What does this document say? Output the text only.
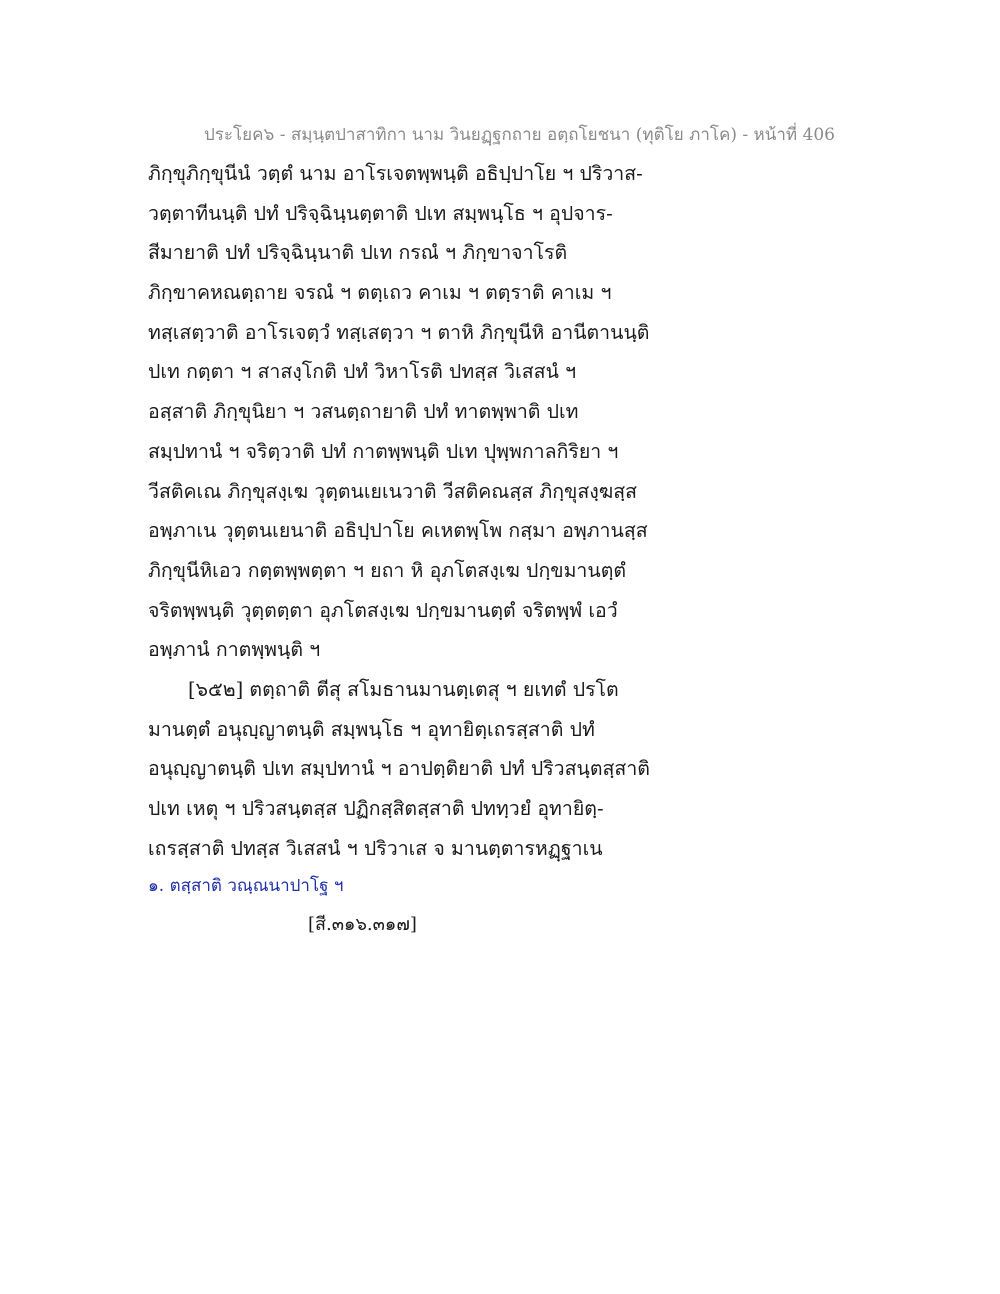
ประโยค๖ - สมฺนฺตปาสาทิกา นาม วินยฏฺฐกถาย อตฺถโยชนา (ทุติโย ภาโค) - หน้าที่ 406
ภิกฺขุภิกฺขุนีนํ วตฺตํ นาม อาโรเจตพฺพนฺติ อธิปฺปาโย ฯ ปริวาส-
วตฺตาทีนนฺติ ปทํ ปริจฺฉินฺนตฺตาติ ปเท สมฺพนฺโธ ฯ อุปจาร-
สีมายาติ ปทํ ปริจฺฉินฺนาติ ปเท กรณํ ฯ ภิกฺขาจาโรติ
ภิกฺขาคหณตฺถาย จรณํ ฯ ตตฺเถว คาเม ฯ ตตฺราติ คาเม ฯ
ทสฺเสตฺวาติ อาโรเจตฺวํ ทสฺเสตฺวา ฯ ตาหิ ภิกฺขุนีหิ อานีตานนฺติ
ปเท กตฺตา ฯ สาสงฺโกติ ปทํ วิหาโรติ ปทสฺส วิเสสนํ ฯ
อสฺสาติ ภิกฺขุนิยา ฯ วสนตฺถายาติ ปทํ ทาตพฺพาติ ปเท
สมฺปทานํ ฯ จริตฺวาติ ปทํ กาตพฺพนฺติ ปเท ปุพฺพกาลกิริยา ฯ
วีสติคเณ ภิกฺขุสงฺเฆ วุตฺตนเยเนวาติ วีสติคณสฺส ภิกฺขุสงฺฆสฺส
อพฺภาเน วุตฺตนเยนาติ อธิปฺปาโย คเหตพฺโพ กสฺมา อพฺภานสฺส
ภิกฺขุนีหิเอว กตฺตพฺพตฺตา ฯ ยถา หิ อุภโตสงฺเฆ ปกฺขมานตฺตํ
จริตพฺพนฺติ วุตฺตตฺตา อุภโตสงฺเฆ ปกฺขมานตฺตํ จริตพฺพํ เอวํ
อพฺภานํ กาตพฺพนฺติ ฯ
[๖๕๒] ตตฺถาติ ตีสุ สโมธานมานตฺเตสุ ฯ ยเทตํ ปรโต
มานตฺตํ อนุญฺญาตนฺติ สมฺพนฺโธ ฯ อุทายิตฺเถรสฺสาติ ปทํ
อนุญฺญาตนฺติ ปเท สมฺปทานํ ฯ อาปตฺติยาติ ปทํ ปริวสนฺตสฺสาติ
ปเท เหตุ ฯ ปริวสนฺตสฺส ปฏิกสฺสิตสฺสาติ ปททฺวยํ อุทายิตฺ-
เถรสฺสาติ ปทสฺส วิเสสนํ ฯ ปริวาเส จ มานตฺตารหฏฺฐาเน
๑. ตสฺสาติ วณฺณนาปาโฐ ฯ
[สี.๓๑๖.๓๑๗]
